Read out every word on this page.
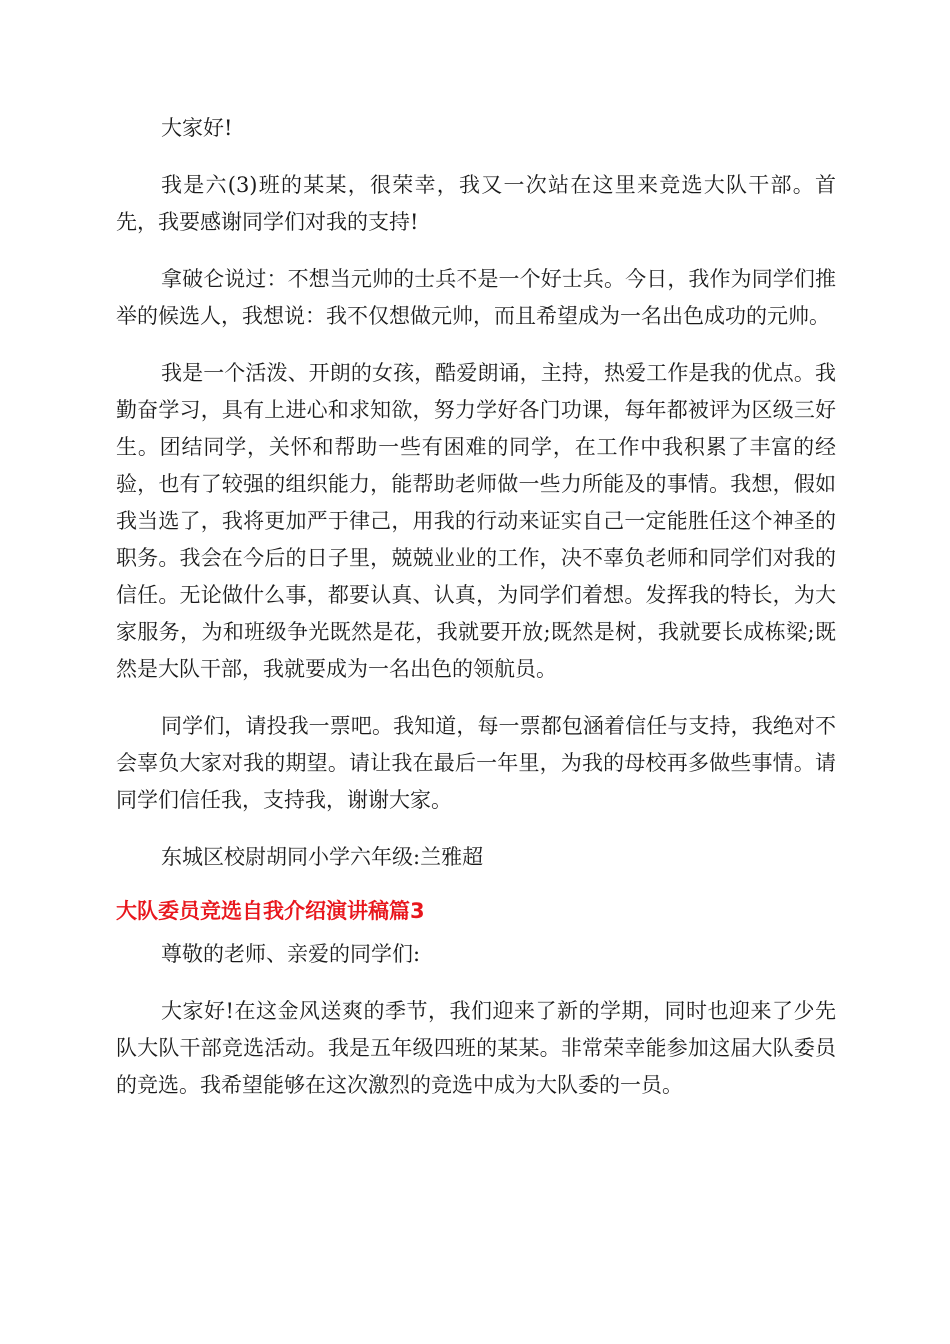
大家好!

我是六(3)班的某某，很荣幸，我又一次站在这里来竞选大队干部。首先，我要感谢同学们对我的支持!

拿破仑说过：不想当元帅的士兵不是一个好士兵。今日，我作为同学们推举的候选人，我想说：我不仅想做元帅，而且希望成为一名出色成功的元帅。

我是一个活泼、开朗的女孩，酷爱朗诵，主持，热爱工作是我的优点。我勤奋学习，具有上进心和求知欲，努力学好各门功课，每年都被评为区级三好生。团结同学，关怀和帮助一些有困难的同学，在工作中我积累了丰富的经验，也有了较强的组织能力，能帮助老师做一些力所能及的事情。我想，假如我当选了，我将更加严于律己，用我的行动来证实自己一定能胜任这个神圣的职务。我会在今后的日子里，兢兢业业的工作，决不辜负老师和同学们对我的信任。无论做什么事，都要认真、认真，为同学们着想。发挥我的特长，为大家服务，为和班级争光既然是花，我就要开放;既然是树，我就要长成栋梁;既然是大队干部，我就要成为一名出色的领航员。

同学们，请投我一票吧。我知道，每一票都包涵着信任与支持，我绝对不会辜负大家对我的期望。请让我在最后一年里，为我的母校再多做些事情。请同学们信任我，支持我，谢谢大家。

东城区校尉胡同小学六年级:兰雅超

大队委员竞选自我介绍演讲稿篇3

尊敬的老师、亲爱的同学们:

大家好!在这金风送爽的季节，我们迎来了新的学期，同时也迎来了少先队大队干部竞选活动。我是五年级四班的某某。非常荣幸能参加这届大队委员的竞选。我希望能够在这次激烈的竞选中成为大队委的一员。
